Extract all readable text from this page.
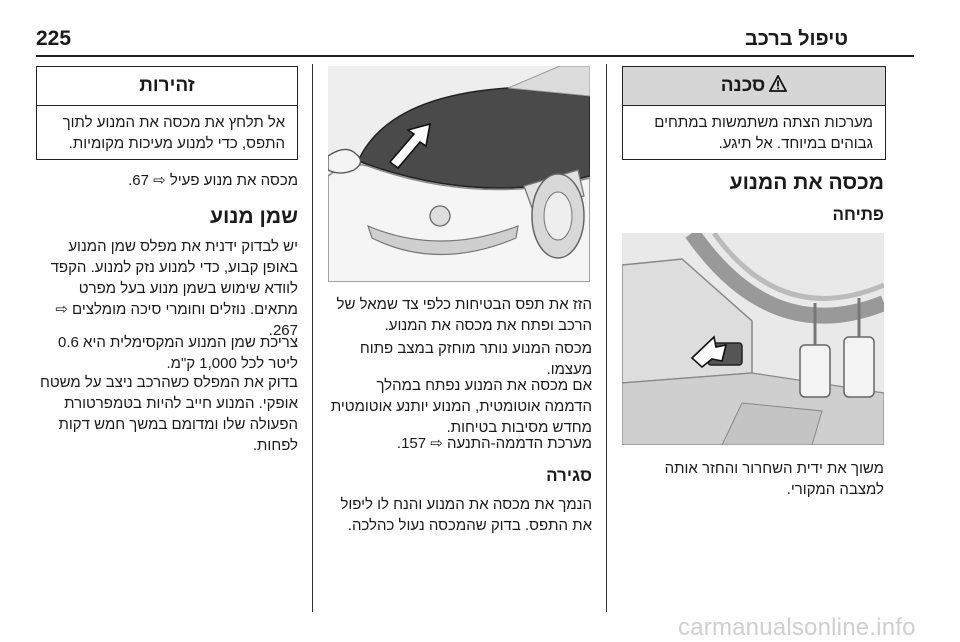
225	טיפול ברכב
סכנה
מערכות הצתה משתמשות במתחים גבוהים במיוחד. אל תיגע.
מכסה את המנוע
פתיחה
משוך את ידית השחרור והחזר אותה למצבה המקורי.
הזז את תפס הבטיחות כלפי צד שמאל של הרכב ופתח את מכסה את המנוע.
מכסה המנוע נותר מוחזק במצב פתוח מעצמו.
אם מכסה את המנוע נפתח במהלך הדממה אוטומטית, המנוע יותנע אוטומטית מחדש מסיבות בטיחות.
מערכת הדממה-התנעה ⇨ 157.
סגירה
הנמך את מכסה את המנוע והנח לו ליפול את התפס. בדוק שהמכסה נעול כהלכה.
זהירות
אל תלחץ את מכסה את המנוע לתוך התפס, כדי למנוע מעיכות מקומיות.
מכסה את מנוע פעיל ⇨ 67.
שמן מנוע
יש לבדוק ידנית את מפלס שמן המנוע באופן קבוע, כדי למנוע נזק למנוע. הקפד לוודא שימוש בשמן מנוע בעל מפרט מתאים. נוזלים וחומרי סיכה מומלצים ⇨ 267.
צריכת שמן המנוע המקסימלית היא 0.6 ליטר לכל 1,000 ק"מ.
בדוק את המפלס כשהרכב ניצב על משטח אופקי. המנוע חייב להיות בטמפרטורת הפעולה שלו ומדומם במשך חמש דקות לפחות.
carmanualsonline.info
